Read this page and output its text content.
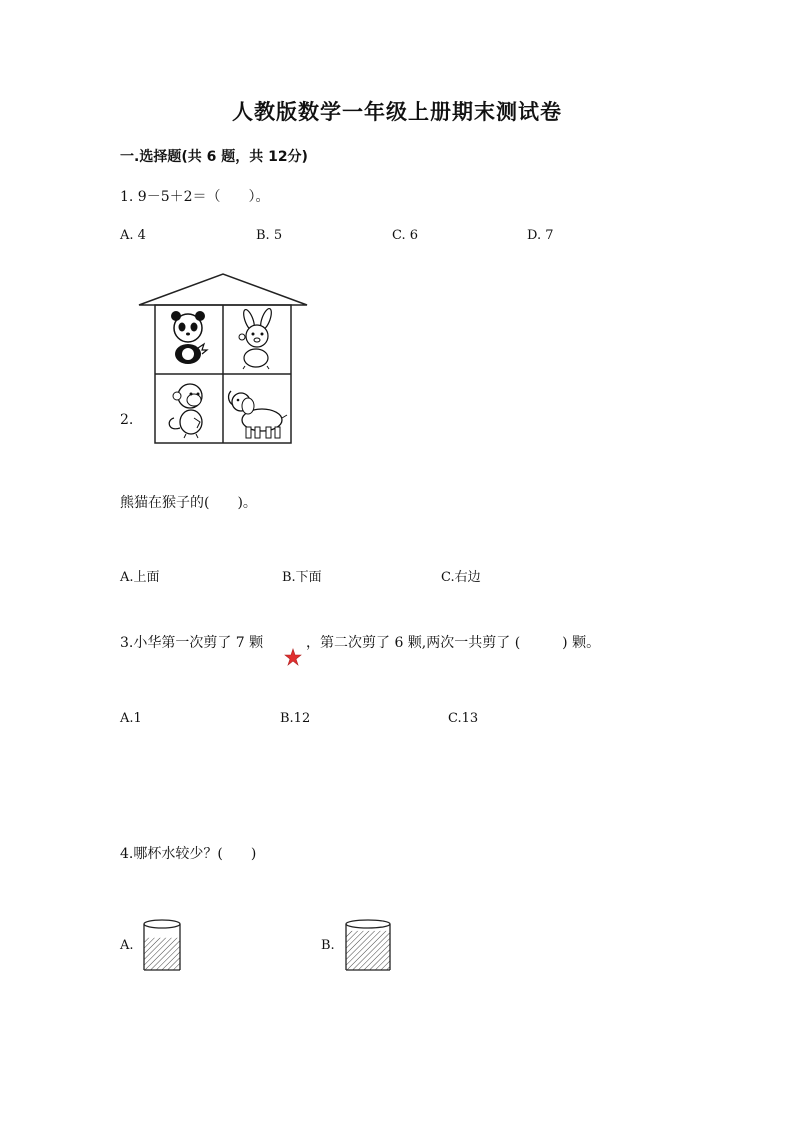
人教版数学一年级上册期末测试卷
一.选择题(共 6 题，共 12分)
1. 9－5＋2＝（　　）。
A. 4	B. 5	C. 6	D. 7
2.
熊猫在猴子的(　　)。
A.上面	B.下面	C.右边
3.小华第一次剪了 7 颗	，第二次剪了 6 颗,两次一共剪了 (　　　) 颗。
A.1	B.12	C.13
4.哪杯水较少？(　　)
A.	B.
